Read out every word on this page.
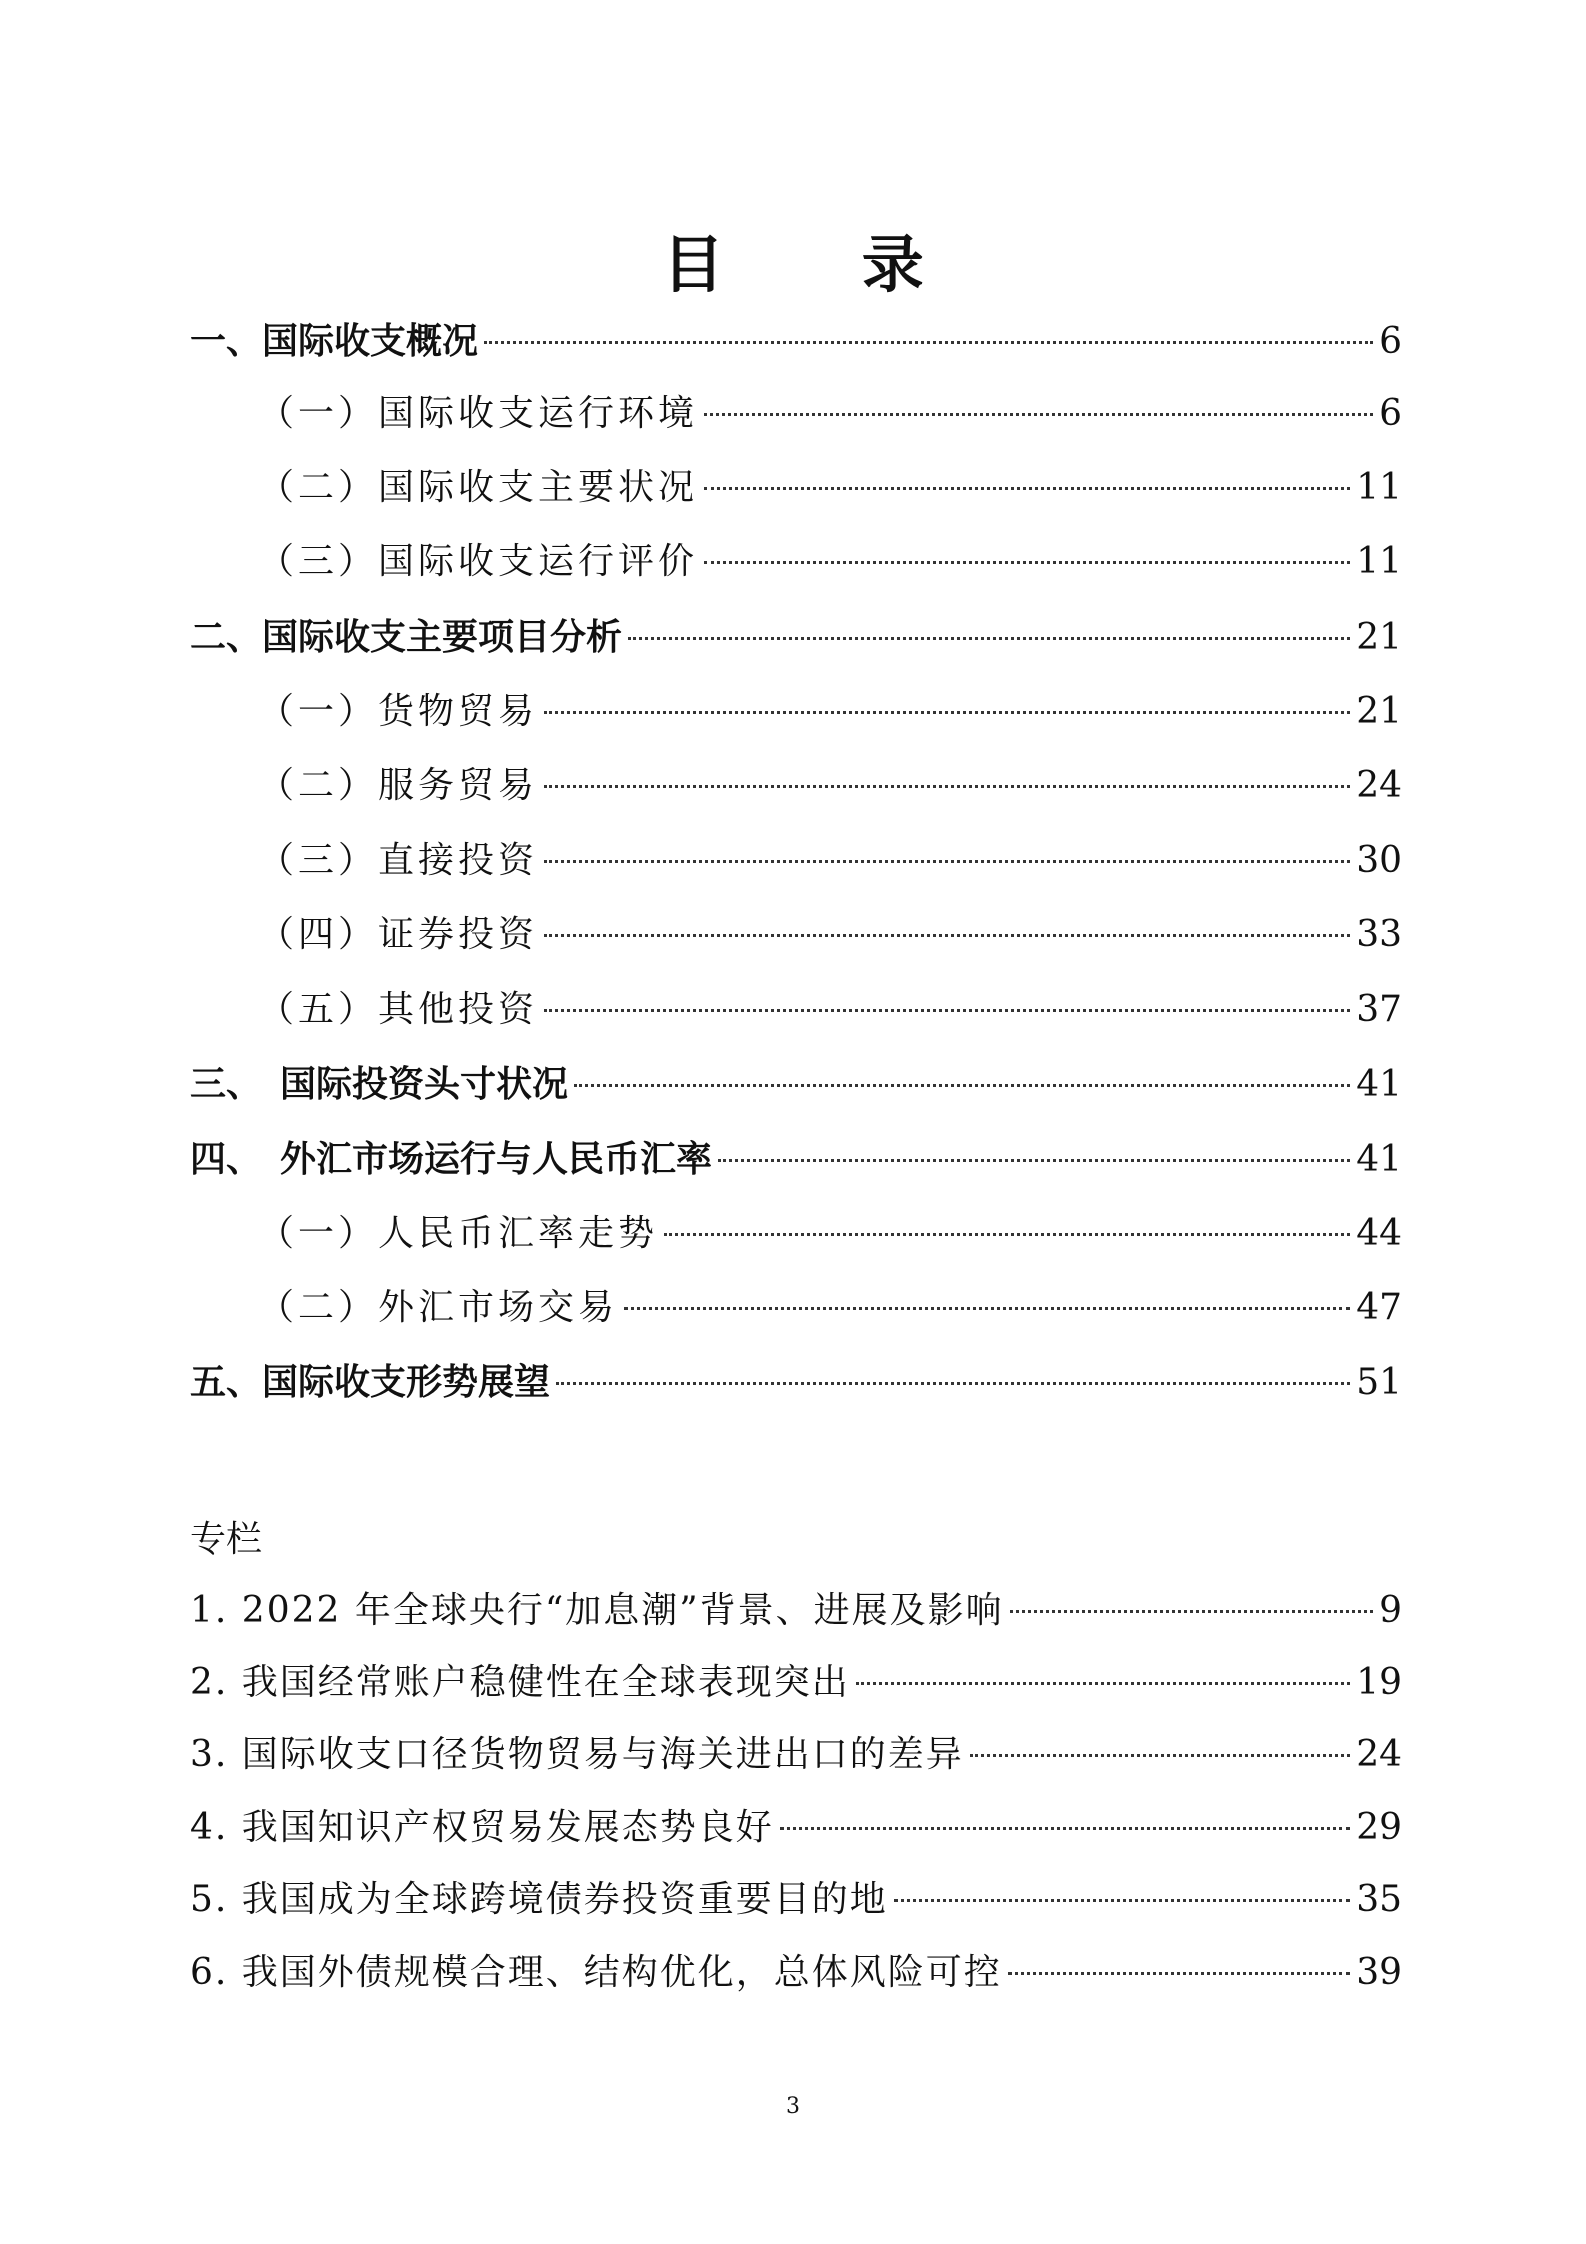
目 录
一、国际收支概况	6
（一）国际收支运行环境	6
（二）国际收支主要状况	11
（三）国际收支运行评价	11
二、国际收支主要项目分析	21
（一）货物贸易	21
（二）服务贸易	24
（三）直接投资	30
（四）证券投资	33
（五）其他投资	37
三、　国际投资头寸状况	41
四、　外汇市场运行与人民币汇率	41
（一）人民币汇率走势	44
（二）外汇市场交易	47
五、国际收支形势展望	51
专栏
1. 2022 年全球央行“加息潮”背景、进展及影响	9
2. 我国经常账户稳健性在全球表现突出	19
3. 国际收支口径货物贸易与海关进出口的差异	24
4. 我国知识产权贸易发展态势良好	29
5. 我国成为全球跨境债券投资重要目的地	35
6. 我国外债规模合理、结构优化，总体风险可控	39
3
